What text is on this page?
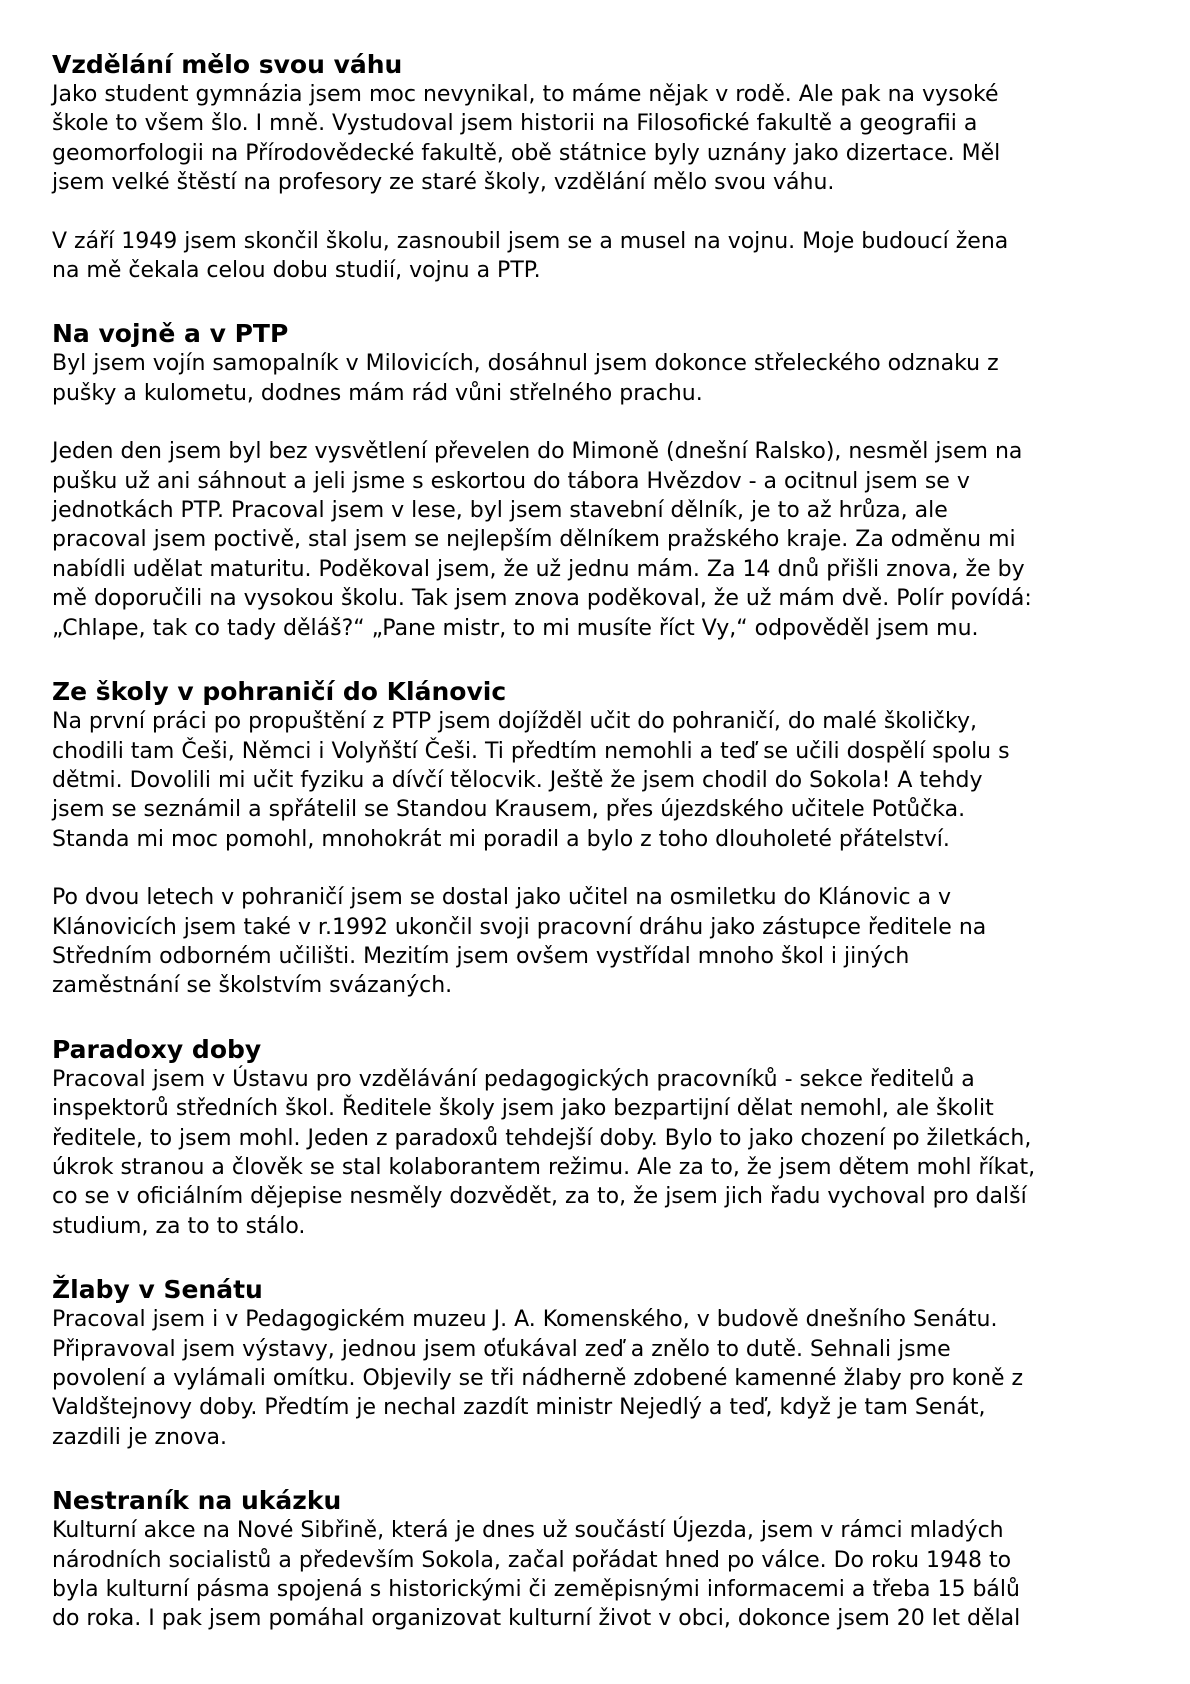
Vzdělání mělo svou váhu

Jako student gymnázia jsem moc nevynikal, to máme nějak v rodě. Ale pak na vysoké
škole to všem šlo. I mně. Vystudoval jsem historii na Filosofické fakultě a geografii a
geomorfologii na Přírodovědecké fakultě, obě státnice byly uznány jako dizertace. Měl
jsem velké štěstí na profesory ze staré školy, vzdělání mělo svou váhu.

V září 1949 jsem skončil školu, zasnoubil jsem se a musel na vojnu. Moje budoucí žena
na mě čekala celou dobu studií, vojnu a PTP.

Na vojně a v PTP

Byl jsem vojín samopalník v Milovicích, dosáhnul jsem dokonce střeleckého odznaku z
pušky a kulometu, dodnes mám rád vůni střelného prachu.

Jeden den jsem byl bez vysvětlení převelen do Mimoně (dnešní Ralsko), nesměl jsem na
pušku už ani sáhnout a jeli jsme s eskortou do tábora Hvězdov - a ocitnul jsem se v
jednotkách PTP. Pracoval jsem v lese, byl jsem stavební dělník, je to až hrůza, ale
pracoval jsem poctivě, stal jsem se nejlepším dělníkem pražského kraje. Za odměnu mi
nabídli udělat maturitu. Poděkoval jsem, že už jednu mám. Za 14 dnů přišli znova, že by
mě doporučili na vysokou školu. Tak jsem znova poděkoval, že už mám dvě. Polír povídá:
„Chlape, tak co tady děláš?“ „Pane mistr, to mi musíte říct Vy,“ odpověděl jsem mu.

Ze školy v pohraničí do Klánovic

Na první práci po propuštění z PTP jsem dojížděl učit do pohraničí, do malé školičky,
chodili tam Češi, Němci i Volyňští Češi. Ti předtím nemohli a teď se učili dospělí spolu s
dětmi. Dovolili mi učit fyziku a dívčí tělocvik. Ještě že jsem chodil do Sokola! A tehdy
jsem se seznámil a spřátelil se Standou Krausem, přes újezdského učitele Potůčka.
Standa mi moc pomohl, mnohokrát mi poradil a bylo z toho dlouholeté přátelství.

Po dvou letech v pohraničí jsem se dostal jako učitel na osmiletku do Klánovic a v
Klánovicích jsem také v r.1992 ukončil svoji pracovní dráhu jako zástupce ředitele na
Středním odborném učilišti. Mezitím jsem ovšem vystřídal mnoho škol i jiných
zaměstnání se školstvím svázaných.

Paradoxy doby

Pracoval jsem v Ústavu pro vzdělávání pedagogických pracovníků - sekce ředitelů a
inspektorů středních škol. Ředitele školy jsem jako bezpartijní dělat nemohl, ale školit
ředitele, to jsem mohl. Jeden z paradoxů tehdejší doby. Bylo to jako chození po žiletkách,
úkrok stranou a člověk se stal kolaborantem režimu. Ale za to, že jsem dětem mohl říkat,
co se v oficiálním dějepise nesměly dozvědět, za to, že jsem jich řadu vychoval pro další
studium, za to to stálo.

Žlaby v Senátu

Pracoval jsem i v Pedagogickém muzeu J. A. Komenského, v budově dnešního Senátu.
Připravoval jsem výstavy, jednou jsem oťukával zeď a znělo to dutě. Sehnali jsme
povolení a vylámali omítku. Objevily se tři nádherně zdobené kamenné žlaby pro koně z
Valdštejnovy doby. Předtím je nechal zazdít ministr Nejedlý a teď, když je tam Senát,
zazdili je znova.

Nestraník na ukázku

Kulturní akce na Nové Sibřině, která je dnes už součástí Újezda, jsem v rámci mladých
národních socialistů a především Sokola, začal pořádat hned po válce. Do roku 1948 to
byla kulturní pásma spojená s historickými či zeměpisnými informacemi a třeba 15 bálů
do roka. I pak jsem pomáhal organizovat kulturní život v obci, dokonce jsem 20 let dělal
